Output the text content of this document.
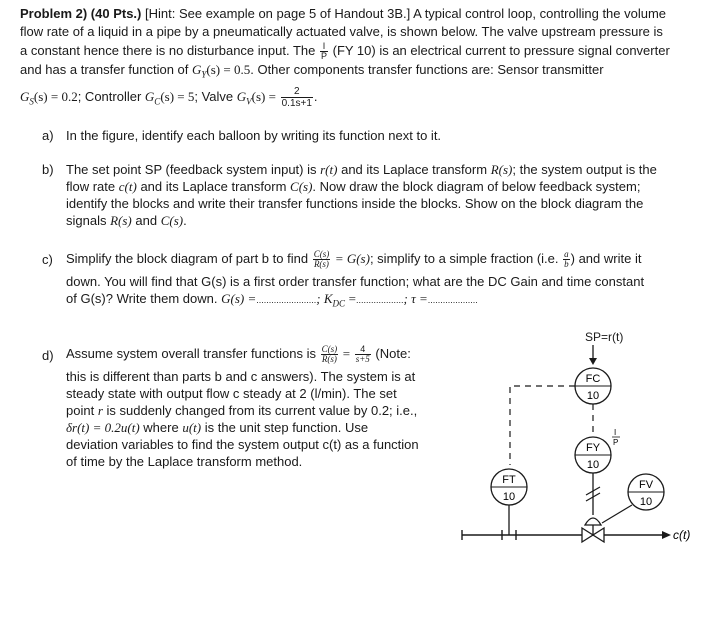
Problem 2) (40 Pts.) [Hint: See example on page 5 of Handout 3B.] A typical control loop, controlling the volume
flow rate of a liquid in a pipe by a pneumatically actuated valve, is shown below. The valve upstream pressure is
a constant hence there is no disturbance input. The $\frac{I}{P} (FY$ 10) is an electrical current to pressure signal converter
and has a transfer function of $G_Y(s) = 0.5$. Other components transfer functions are: Sensor transmitter
$G_S(s) = 0.2$; Controller $G_C(s) = 5$; Valve $G_V(s) = \frac{2}{0.1s+1}$ .
a) In the figure, identify each balloon by writing its function next to it.
b) The set point SP (feedback system input) is r(t) and its Laplace transform R(s); the system output is the
flow rate c(t) and its Laplace transform C(s). Now draw the block diagram of below feedback system;
identify the blocks and write their transfer functions inside the blocks. Show on the block diagram the
signals R(s) and C(s).
c) Simplify the block diagram of part b to find $\frac{C(s)}{R(s)} = G(s)$; simplify to a simple fraction (i.e. $\frac{a}{b}$ ) and write it
down. You will find that G(s) is a first order transfer function; what are the DC Gain and time constant
of G(s)? Write them down. G(s) =........................; $K_{DC}$ =...................; τ =....................
d) Assume system overall transfer functions is $\frac{C(s)}{R(s)} = \frac{4}{s+5}$ (Note:
this is different than parts b and c answers). The system is at
steady state with output flow c steady at 2 (l/min). The set
point r is suddenly changed from its current value by 0.2; i.e.,
δr(t) = 0.2u(t) where u(t) is the unit step function. Use
deviation variables to find the system output c(t) as a function
of time by the Laplace transform method.
SP=r(t)
FC
10
FY
10
I
P
FT
10
FV
10
c(t)
